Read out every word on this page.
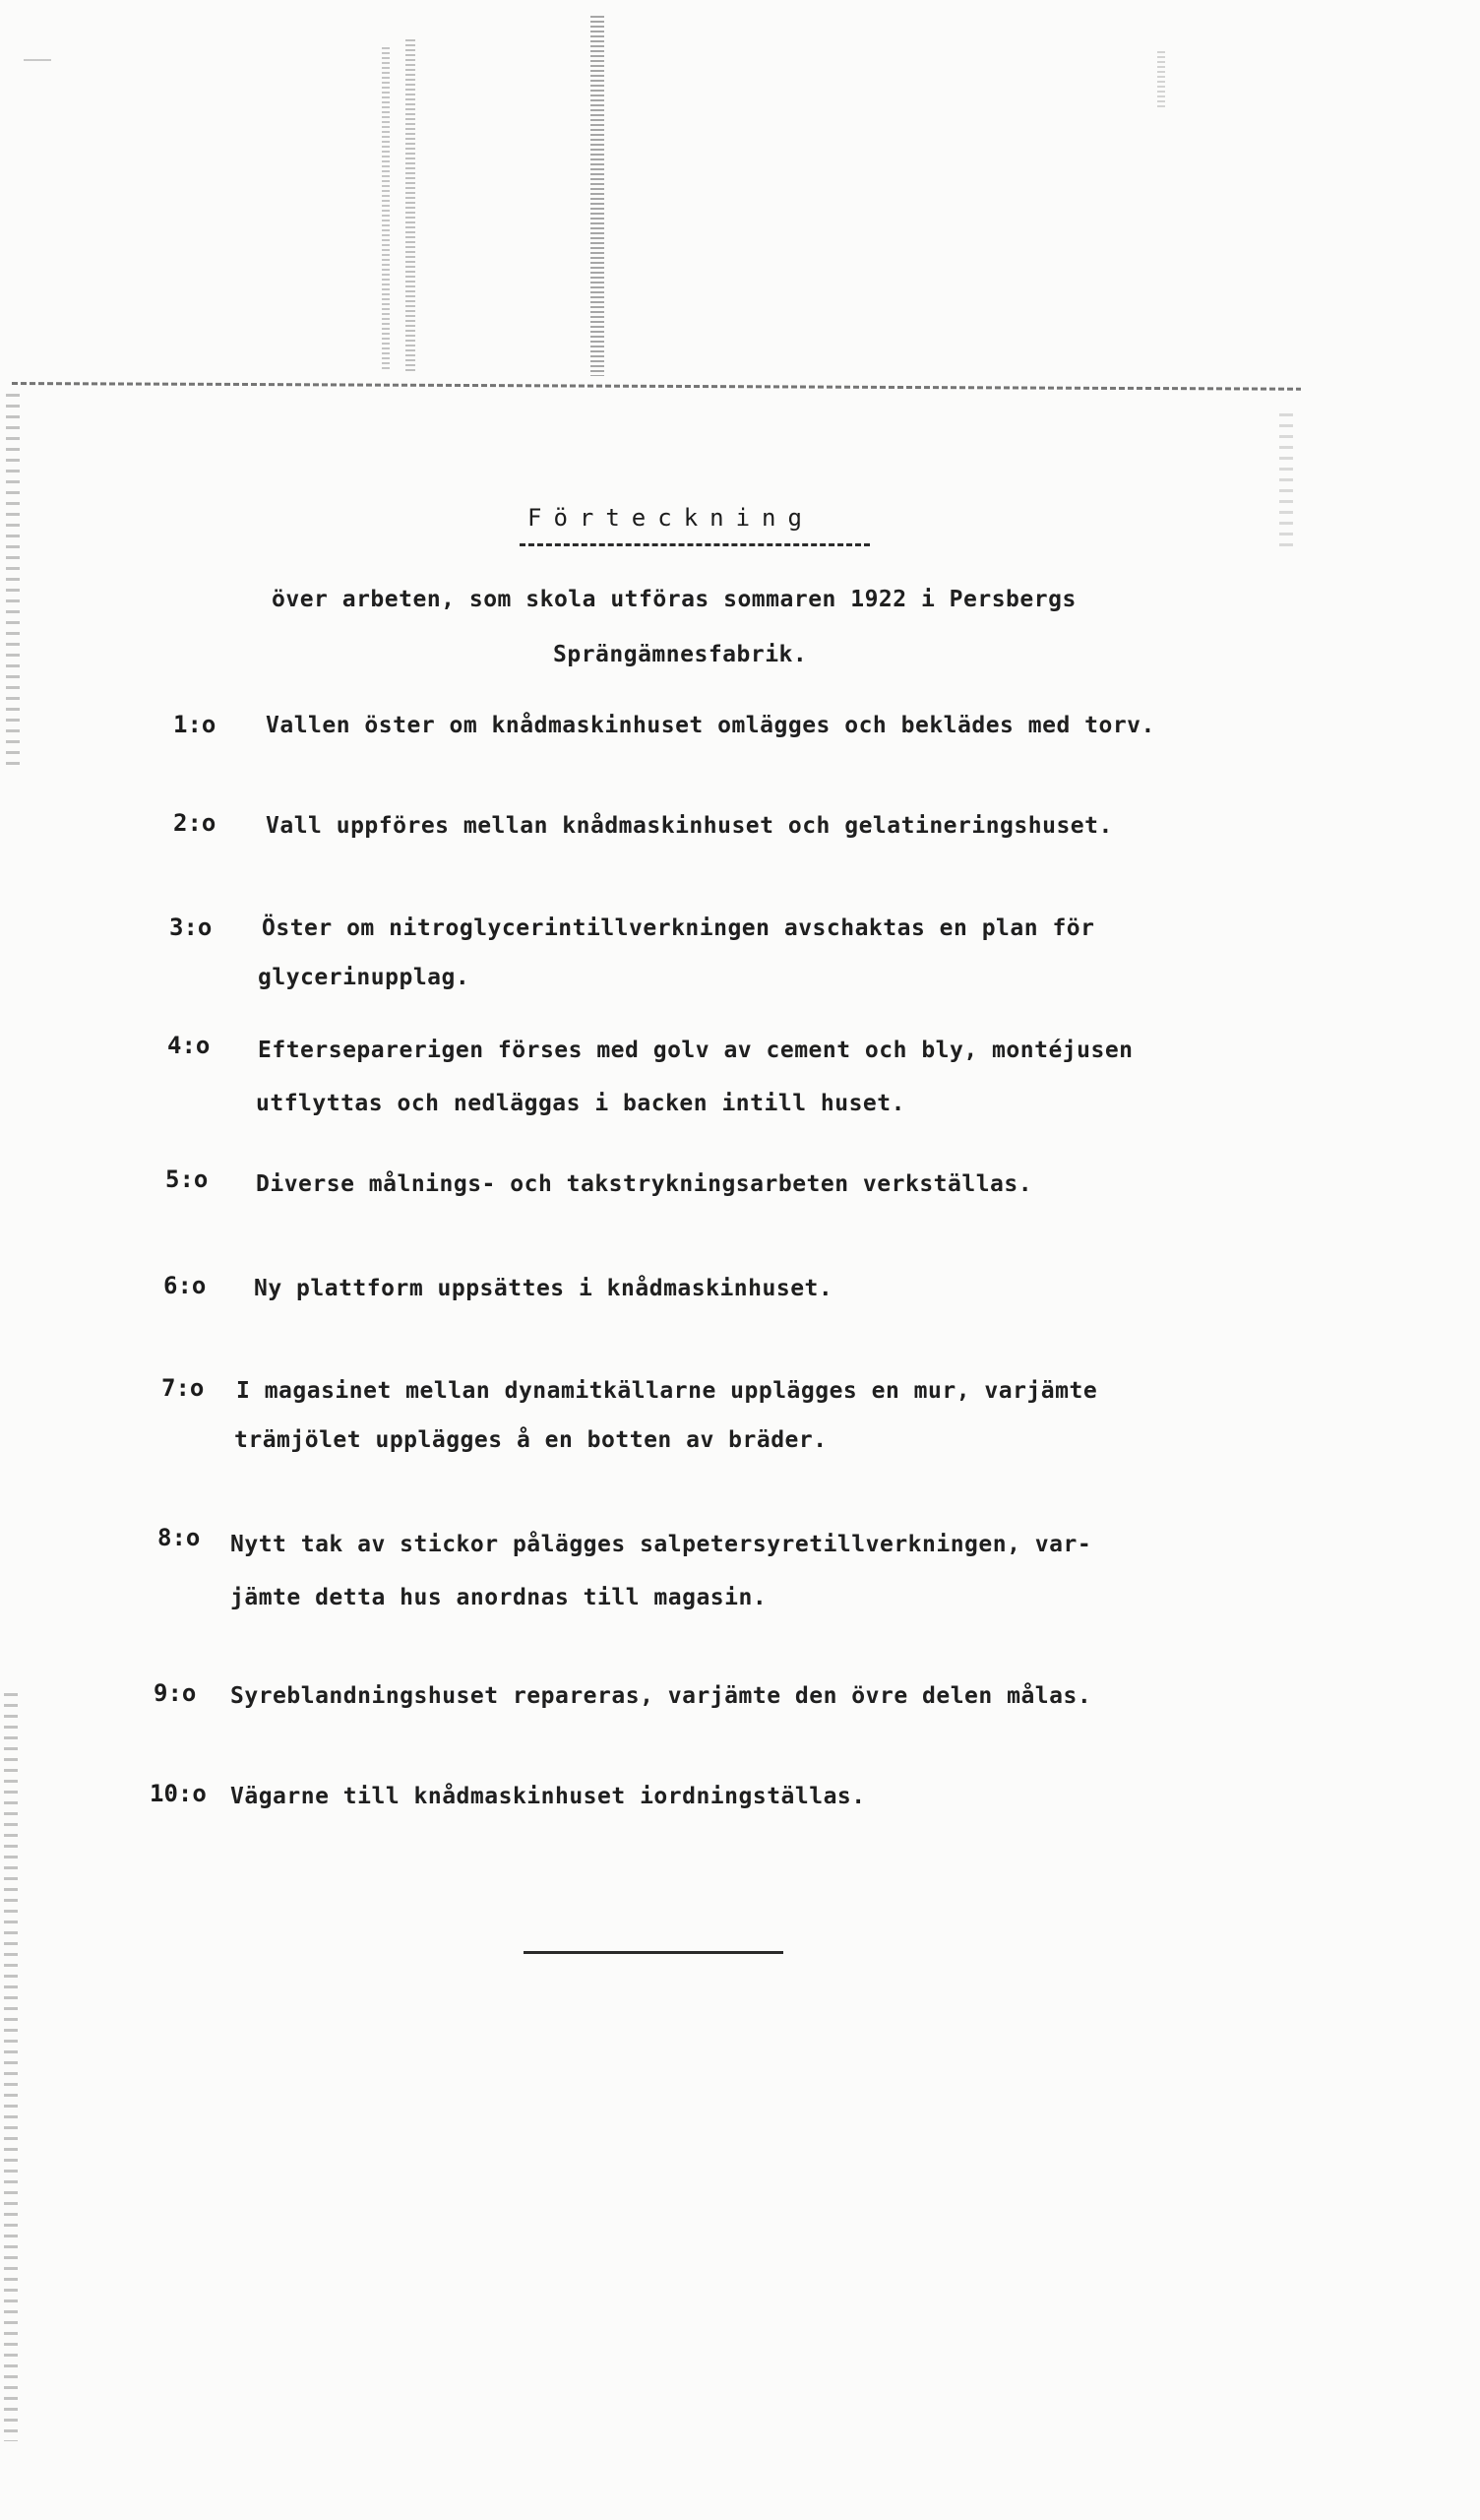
Förteckning
över arbeten, som skola utföras sommaren 1922 i Persbergs
Sprängämnesfabrik.
1:o Vallen öster om knådmaskinhuset omlägges och beklädes med torv.
2:o Vall uppföres mellan knådmaskinhuset och gelatineringshuset.
3:o Öster om nitroglycerintillverkningen avschaktas en plan för
glycerinupplag.
4:o Efterseparerigen förses med golv av cement och bly, montéjusen
utflyttas och nedläggas i backen intill huset.
5:o Diverse målnings- och takstrykningsarbeten verkställas.
6:o Ny plattform uppsättes i knådmaskinhuset.
7:o I magasinet mellan dynamitkällarne upplägges en mur, varjämte
trämjölet upplägges å en botten av bräder.
8:o Nytt tak av stickor pålägges salpetersyretillverkningen, var-
jämte detta hus anordnas till magasin.
9:o Syreblandningshuset repareras, varjämte den övre delen målas.
10:o Vägarne till knådmaskinhuset iordningställas.
